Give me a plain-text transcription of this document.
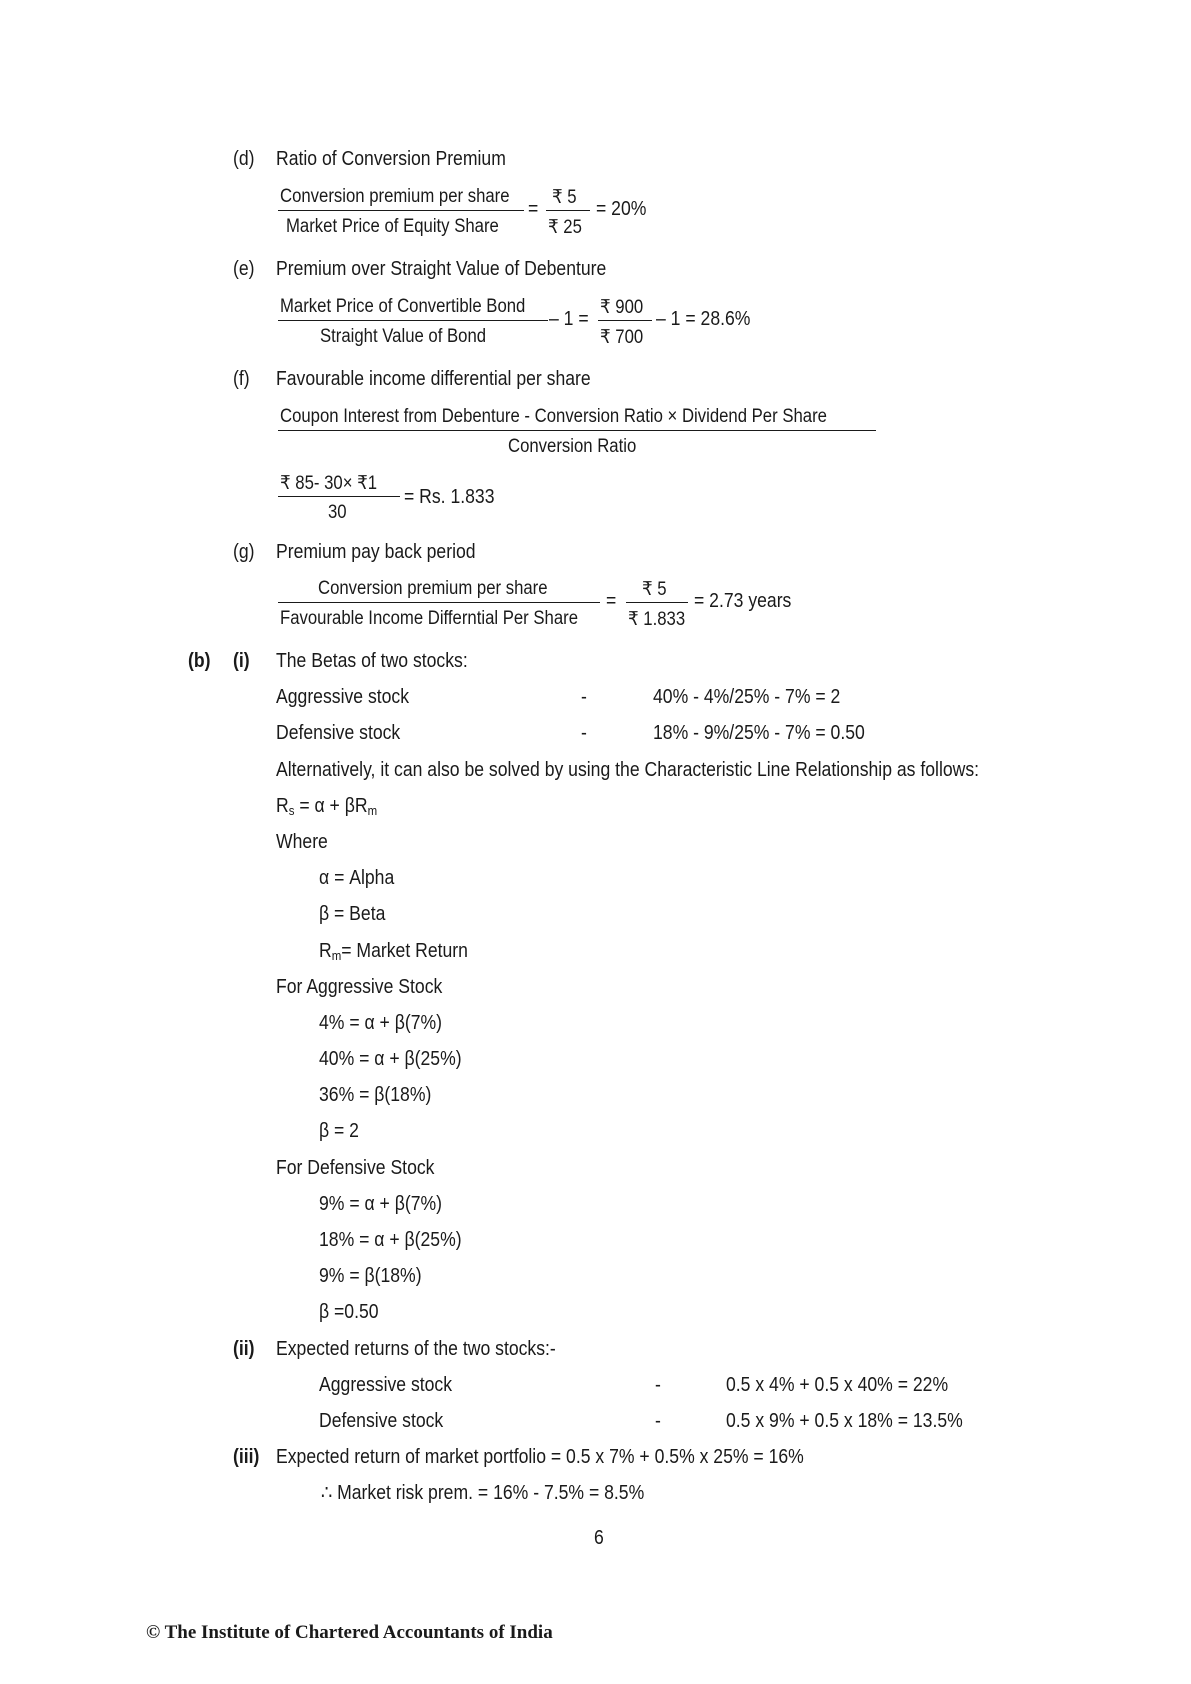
(d) Ratio of Conversion Premium
Conversion premium per share
Market Price of Equity Share
=
₹ 5
₹ 25
= 20%
(e) Premium over Straight Value of Debenture
Market Price of Convertible Bond
Straight Value of Bond
– 1 =
₹ 900
₹ 700
– 1 = 28.6%
(f) Favourable income differential per share
Coupon Interest from Debenture - Conversion Ratio × Dividend Per Share
Conversion Ratio
₹ 85- 30× ₹1
30
= Rs. 1.833
(g) Premium pay back period
Conversion premium per share
Favourable Income Differntial Per Share
=
₹ 5
₹ 1.833
= 2.73 years
(b) (i) The Betas of two stocks:
Aggressive stock	-	40% - 4%/25% - 7% = 2
Defensive stock	-	18% - 9%/25% - 7% = 0.50
Alternatively, it can also be solved by using the Characteristic Line Relationship as follows:
$R_s = \alpha + \beta R_m$
Where
α = Alpha
β = Beta
$R_m=$ Market Return
For Aggressive Stock
4% = α + β(7%)
40% = α + β(25%)
36% = β(18%)
β = 2
For Defensive Stock
9% = α + β(7%)
18% = α + β(25%)
9% = β(18%)
β =0.50
(ii) Expected returns of the two stocks:-
Aggressive stock	-	0.5 x 4% + 0.5 x 40% = 22%
Defensive stock	-	0.5 x 9% + 0.5 x 18% = 13.5%
(iii) Expected return of market portfolio = 0.5 x 7% + 0.5% x 25% = 16%
∴ Market risk prem. = 16% - 7.5% = 8.5%
6
© The Institute of Chartered Accountants of India
